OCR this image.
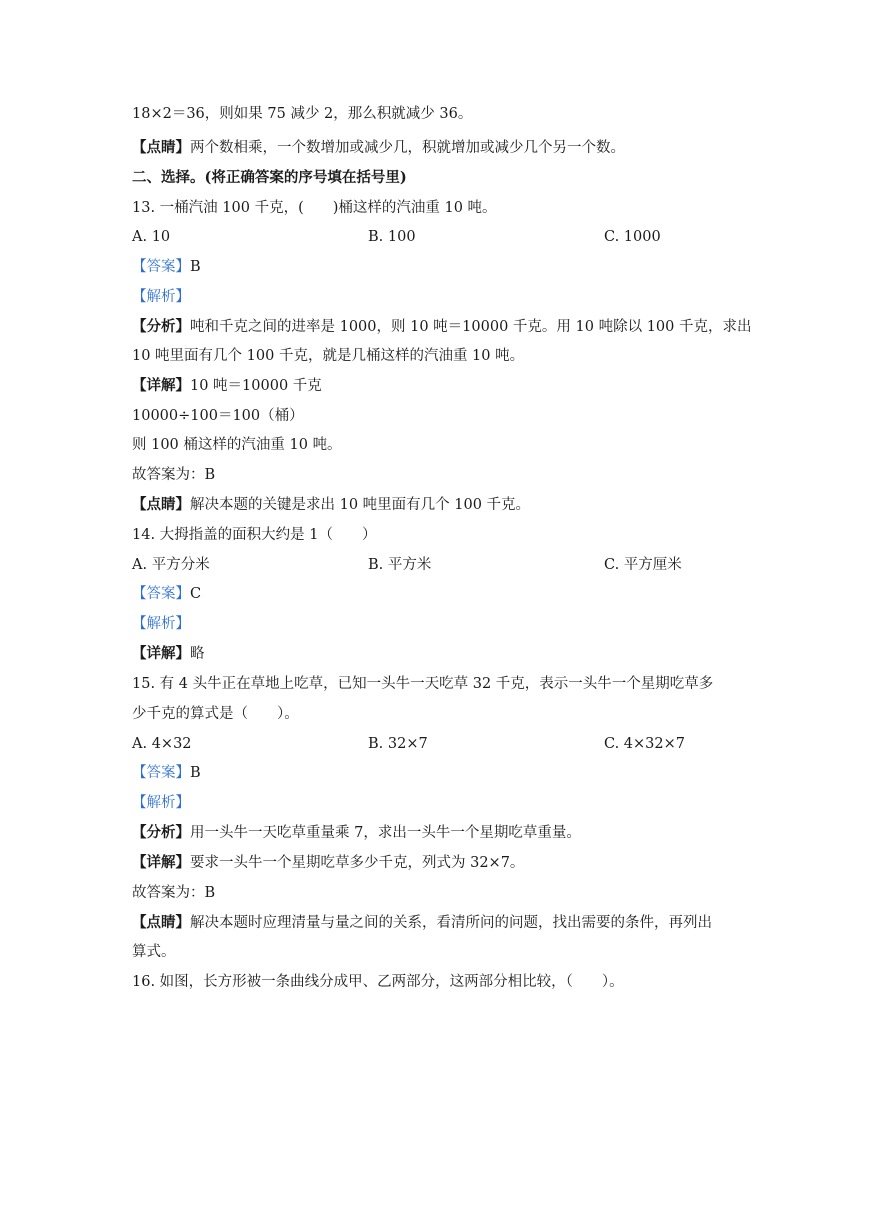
18×2＝36，则如果 75 减少 2，那么积就减少 36。
【点睛】两个数相乘，一个数增加或减少几，积就增加或减少几个另一个数。
二、选择。(将正确答案的序号填在括号里)
13. 一桶汽油 100 千克，(　　)桶这样的汽油重 10 吨。
A. 10	B. 100	C. 1000
【答案】B
【解析】
【分析】吨和千克之间的进率是 1000，则 10 吨＝10000 千克。用 10 吨除以 100 千克，求出
10 吨里面有几个 100 千克，就是几桶这样的汽油重 10 吨。
【详解】10 吨＝10000 千克
10000÷100＝100（桶）
则 100 桶这样的汽油重 10 吨。
故答案为：B
【点睛】解决本题的关键是求出 10 吨里面有几个 100 千克。
14. 大拇指盖的面积大约是 1（　　）
A. 平方分米	B. 平方米	C. 平方厘米
【答案】C
【解析】
【详解】略
15. 有 4 头牛正在草地上吃草，已知一头牛一天吃草 32 千克，表示一头牛一个星期吃草多
少千克的算式是（　　）。
A. 4×32	B. 32×7	C. 4×32×7
【答案】B
【解析】
【分析】用一头牛一天吃草重量乘 7，求出一头牛一个星期吃草重量。
【详解】要求一头牛一个星期吃草多少千克，列式为 32×7。
故答案为：B
【点睛】解决本题时应理清量与量之间的关系，看清所问的问题，找出需要的条件，再列出
算式。
16. 如图，长方形被一条曲线分成甲、乙两部分，这两部分相比较，（　　）。
